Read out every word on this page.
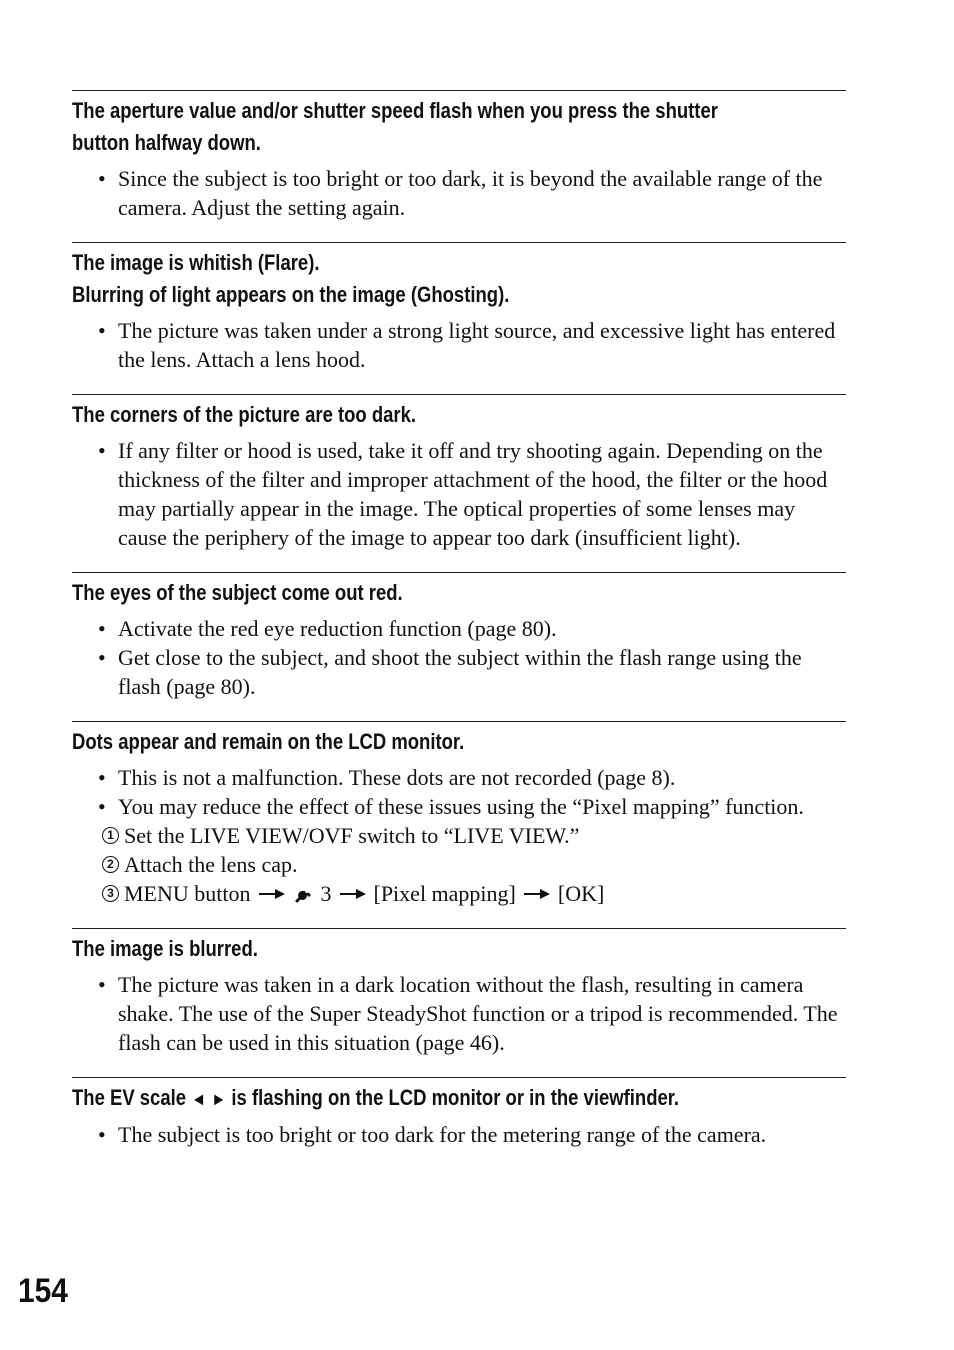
The aperture value and/or shutter speed flash when you press the shutter
button halfway down.
• Since the subject is too bright or too dark, it is beyond the available range of the camera. Adjust the setting again.
The image is whitish (Flare).
Blurring of light appears on the image (Ghosting).
• The picture was taken under a strong light source, and excessive light has entered the lens. Attach a lens hood.
The corners of the picture are too dark.
• If any filter or hood is used, take it off and try shooting again. Depending on the thickness of the filter and improper attachment of the hood, the filter or the hood may partially appear in the image. The optical properties of some lenses may cause the periphery of the image to appear too dark (insufficient light).
The eyes of the subject come out red.
• Activate the red eye reduction function (page 80).
• Get close to the subject, and shoot the subject within the flash range using the flash (page 80).
Dots appear and remain on the LCD monitor.
• This is not a malfunction. These dots are not recorded (page 8).
• You may reduce the effect of these issues using the “Pixel mapping” function.
1 Set the LIVE VIEW/OVF switch to “LIVE VIEW.”
2 Attach the lens cap.
3 MENU button	3 [Pixel mapping] [OK]
The image is blurred.
• The picture was taken in a dark location without the flash, resulting in camera shake. The use of the Super SteadyShot function or a tripod is recommended. The flash can be used in this situation (page 46).
The EV scale ◄ ► is flashing on the LCD monitor or in the viewfinder.
• The subject is too bright or too dark for the metering range of the camera.
154
